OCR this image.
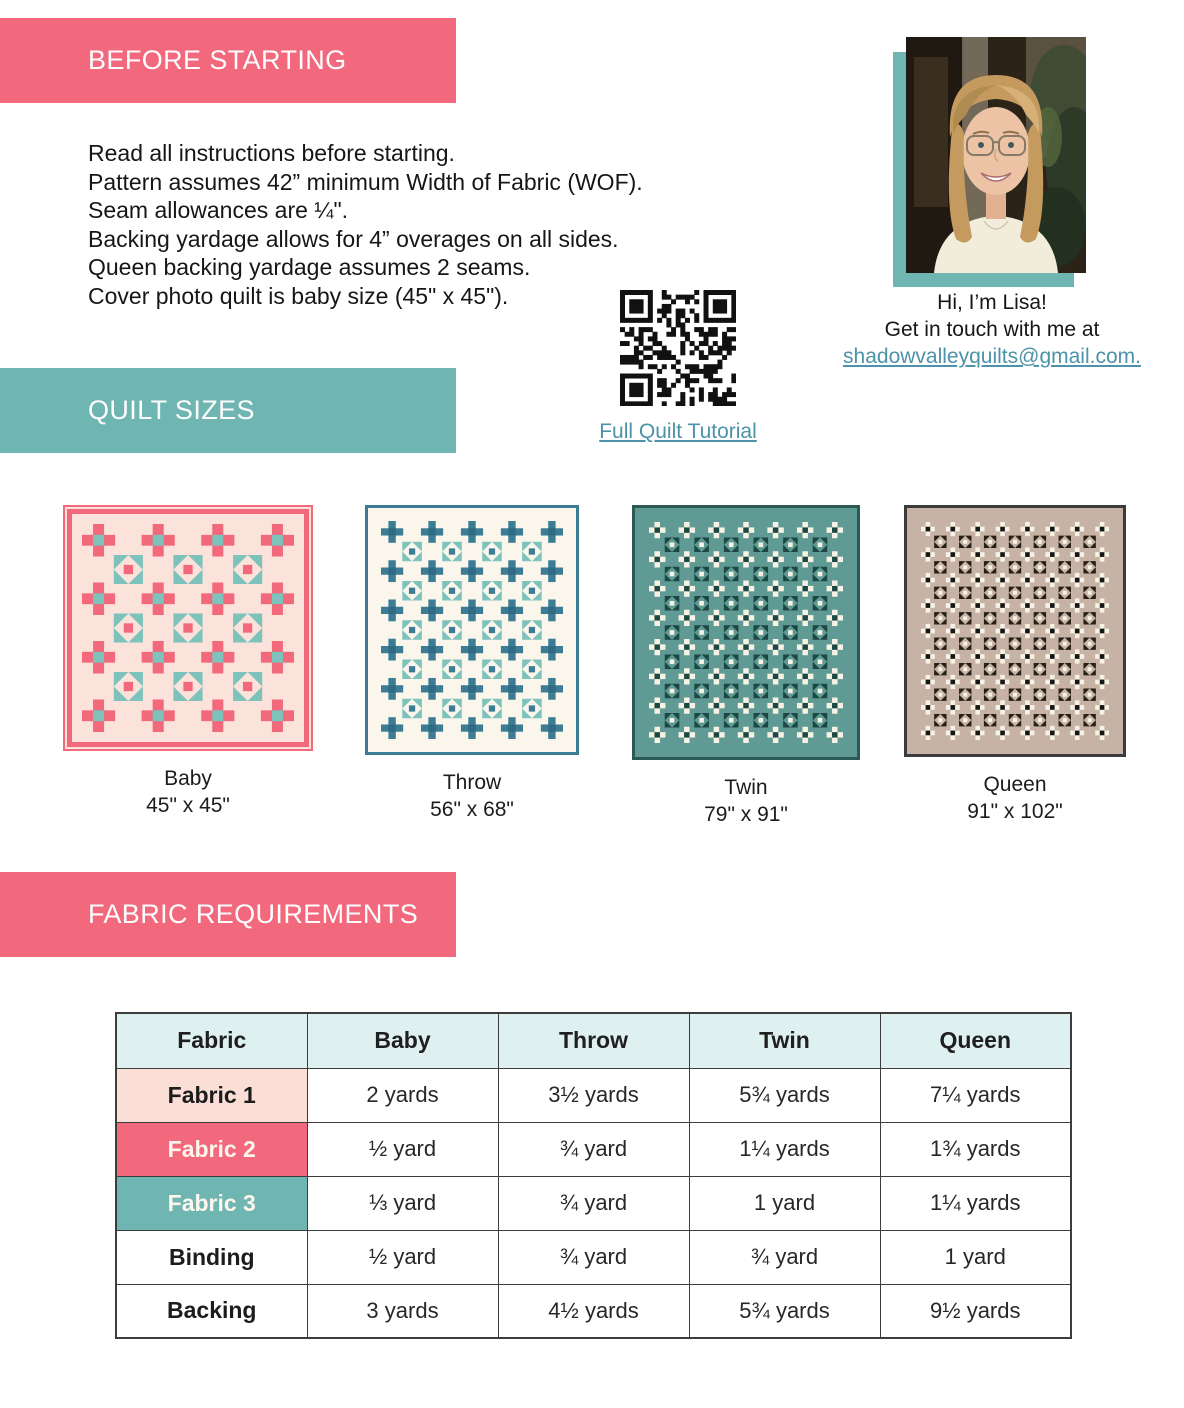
BEFORE STARTING
Read all instructions before starting.
Pattern assumes 42” minimum Width of Fabric (WOF).
Seam allowances are ¼".
Backing yardage allows for 4” overages on all sides.
Queen backing yardage assumes 2 seams.
Cover photo quilt is baby size (45" x 45").
Full Quilt Tutorial
Hi, I’m Lisa!
Get in touch with me at
shadowvalleyquilts@gmail.com.
QUILT SIZES
Baby
45" x 45"
Throw
56" x 68"
Twin
79" x 91"
Queen
91" x 102"
FABRIC REQUIREMENTS
Fabric	Baby	Throw	Twin	Queen
Fabric 1	2 yards	3½ yards	5¾ yards	7¼ yards
Fabric 2	½ yard	¾ yard	1¼ yards	1¾ yards
Fabric 3	⅓ yard	¾ yard	1 yard	1¼ yards
Binding	½ yard	¾ yard	¾ yard	1 yard
Backing	3 yards	4½ yards	5¾ yards	9½ yards
